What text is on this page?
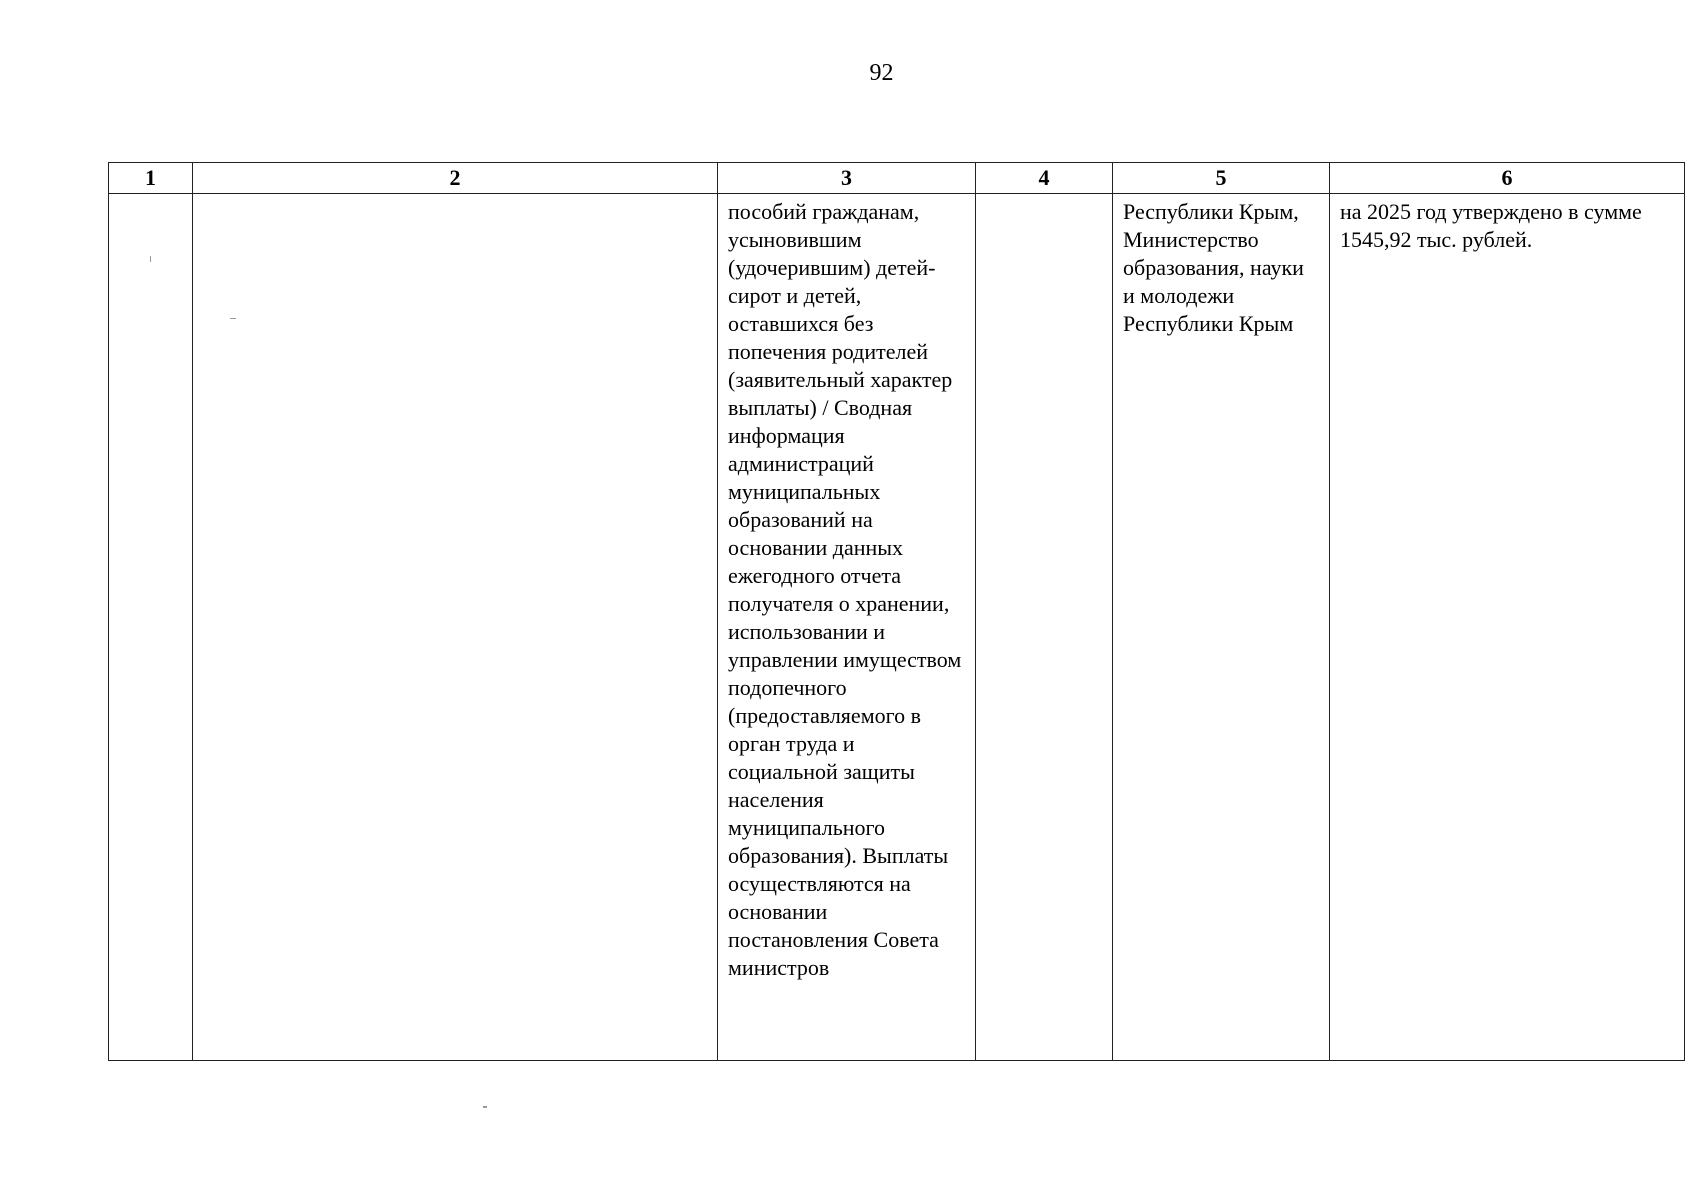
92
1	2	3	4	5	6

		пособий гражданам, усыновившим (удочерившим) детей-сирот и детей, оставшихся без попечения родителей (заявительный характер выплаты) / Сводная информация администраций муниципальных образований на основании данных ежегодного отчета получателя о хранении, использовании и управлении имуществом подопечного (предоставляемого в орган труда и социальной защиты населения муниципального образования). Выплаты осуществляются на основании постановления Совета министров		Республики Крым, Министерство образования, науки и молодежи Республики Крым	на 2025 год утверждено в сумме 1545,92 тыс. рублей.
